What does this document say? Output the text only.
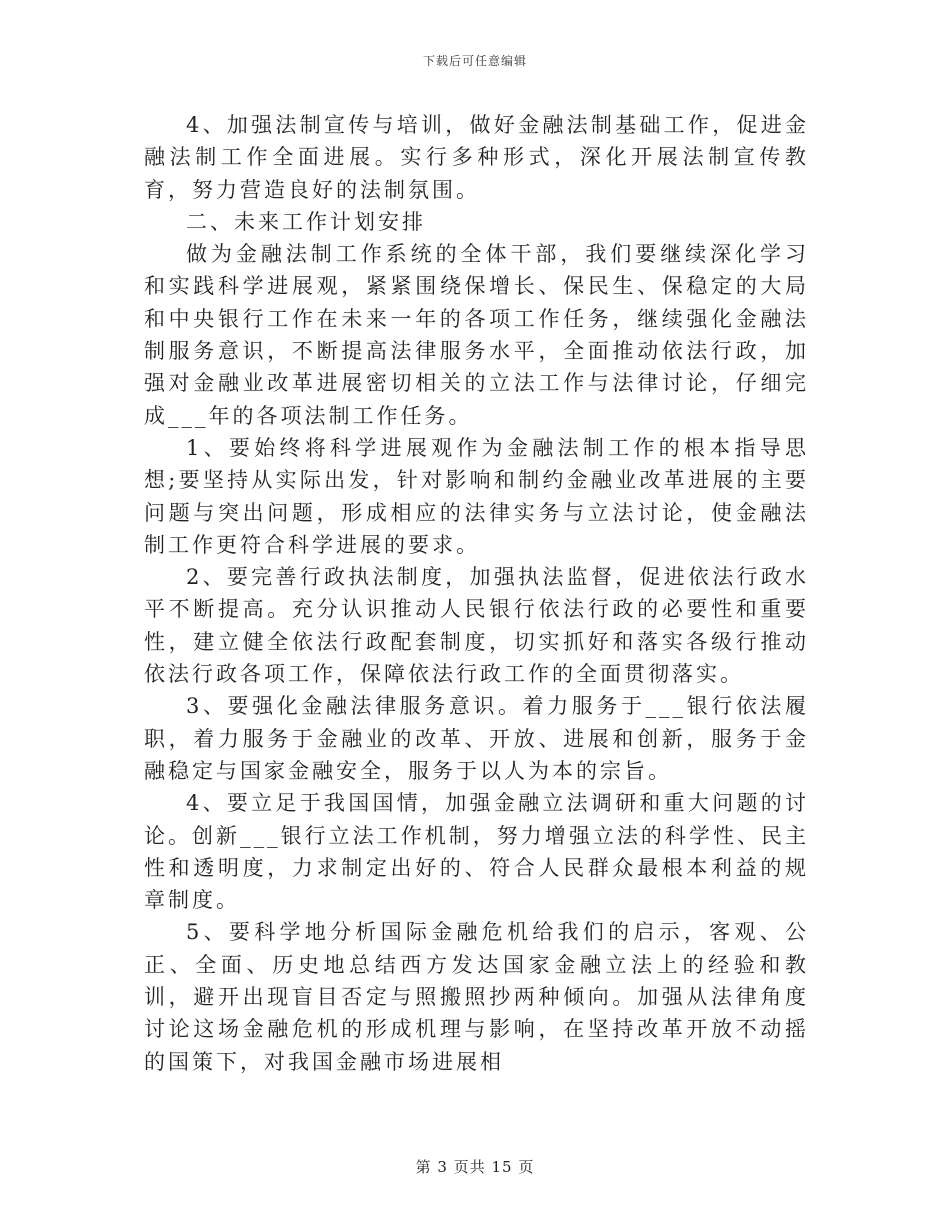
下载后可任意编辑

4、加强法制宣传与培训，做好金融法制基础工作，促进金融法制工作全面进展。实行多种形式，深化开展法制宣传教育，努力营造良好的法制氛围。

二、未来工作计划安排

做为金融法制工作系统的全体干部，我们要继续深化学习和实践科学进展观，紧紧围绕保增长、保民生、保稳定的大局和中央银行工作在未来一年的各项工作任务，继续强化金融法制服务意识，不断提高法律服务水平，全面推动依法行政，加强对金融业改革进展密切相关的立法工作与法律讨论，仔细完成___年的各项法制工作任务。

1、要始终将科学进展观作为金融法制工作的根本指导思想;要坚持从实际出发，针对影响和制约金融业改革进展的主要问题与突出问题，形成相应的法律实务与立法讨论，使金融法制工作更符合科学进展的要求。

2、要完善行政执法制度，加强执法监督，促进依法行政水平不断提高。充分认识推动人民银行依法行政的必要性和重要性，建立健全依法行政配套制度，切实抓好和落实各级行推动依法行政各项工作，保障依法行政工作的全面贯彻落实。

3、要强化金融法律服务意识。着力服务于___银行依法履职，着力服务于金融业的改革、开放、进展和创新，服务于金融稳定与国家金融安全，服务于以人为本的宗旨。

4、要立足于我国国情，加强金融立法调研和重大问题的讨论。创新___银行立法工作机制，努力增强立法的科学性、民主性和透明度，力求制定出好的、符合人民群众最根本利益的规章制度。

5、要科学地分析国际金融危机给我们的启示，客观、公正、全面、历史地总结西方发达国家金融立法上的经验和教训，避开出现盲目否定与照搬照抄两种倾向。加强从法律角度讨论这场金融危机的形成机理与影响，在坚持改革开放不动摇的国策下，对我国金融市场进展相

第 3 页共 15 页
